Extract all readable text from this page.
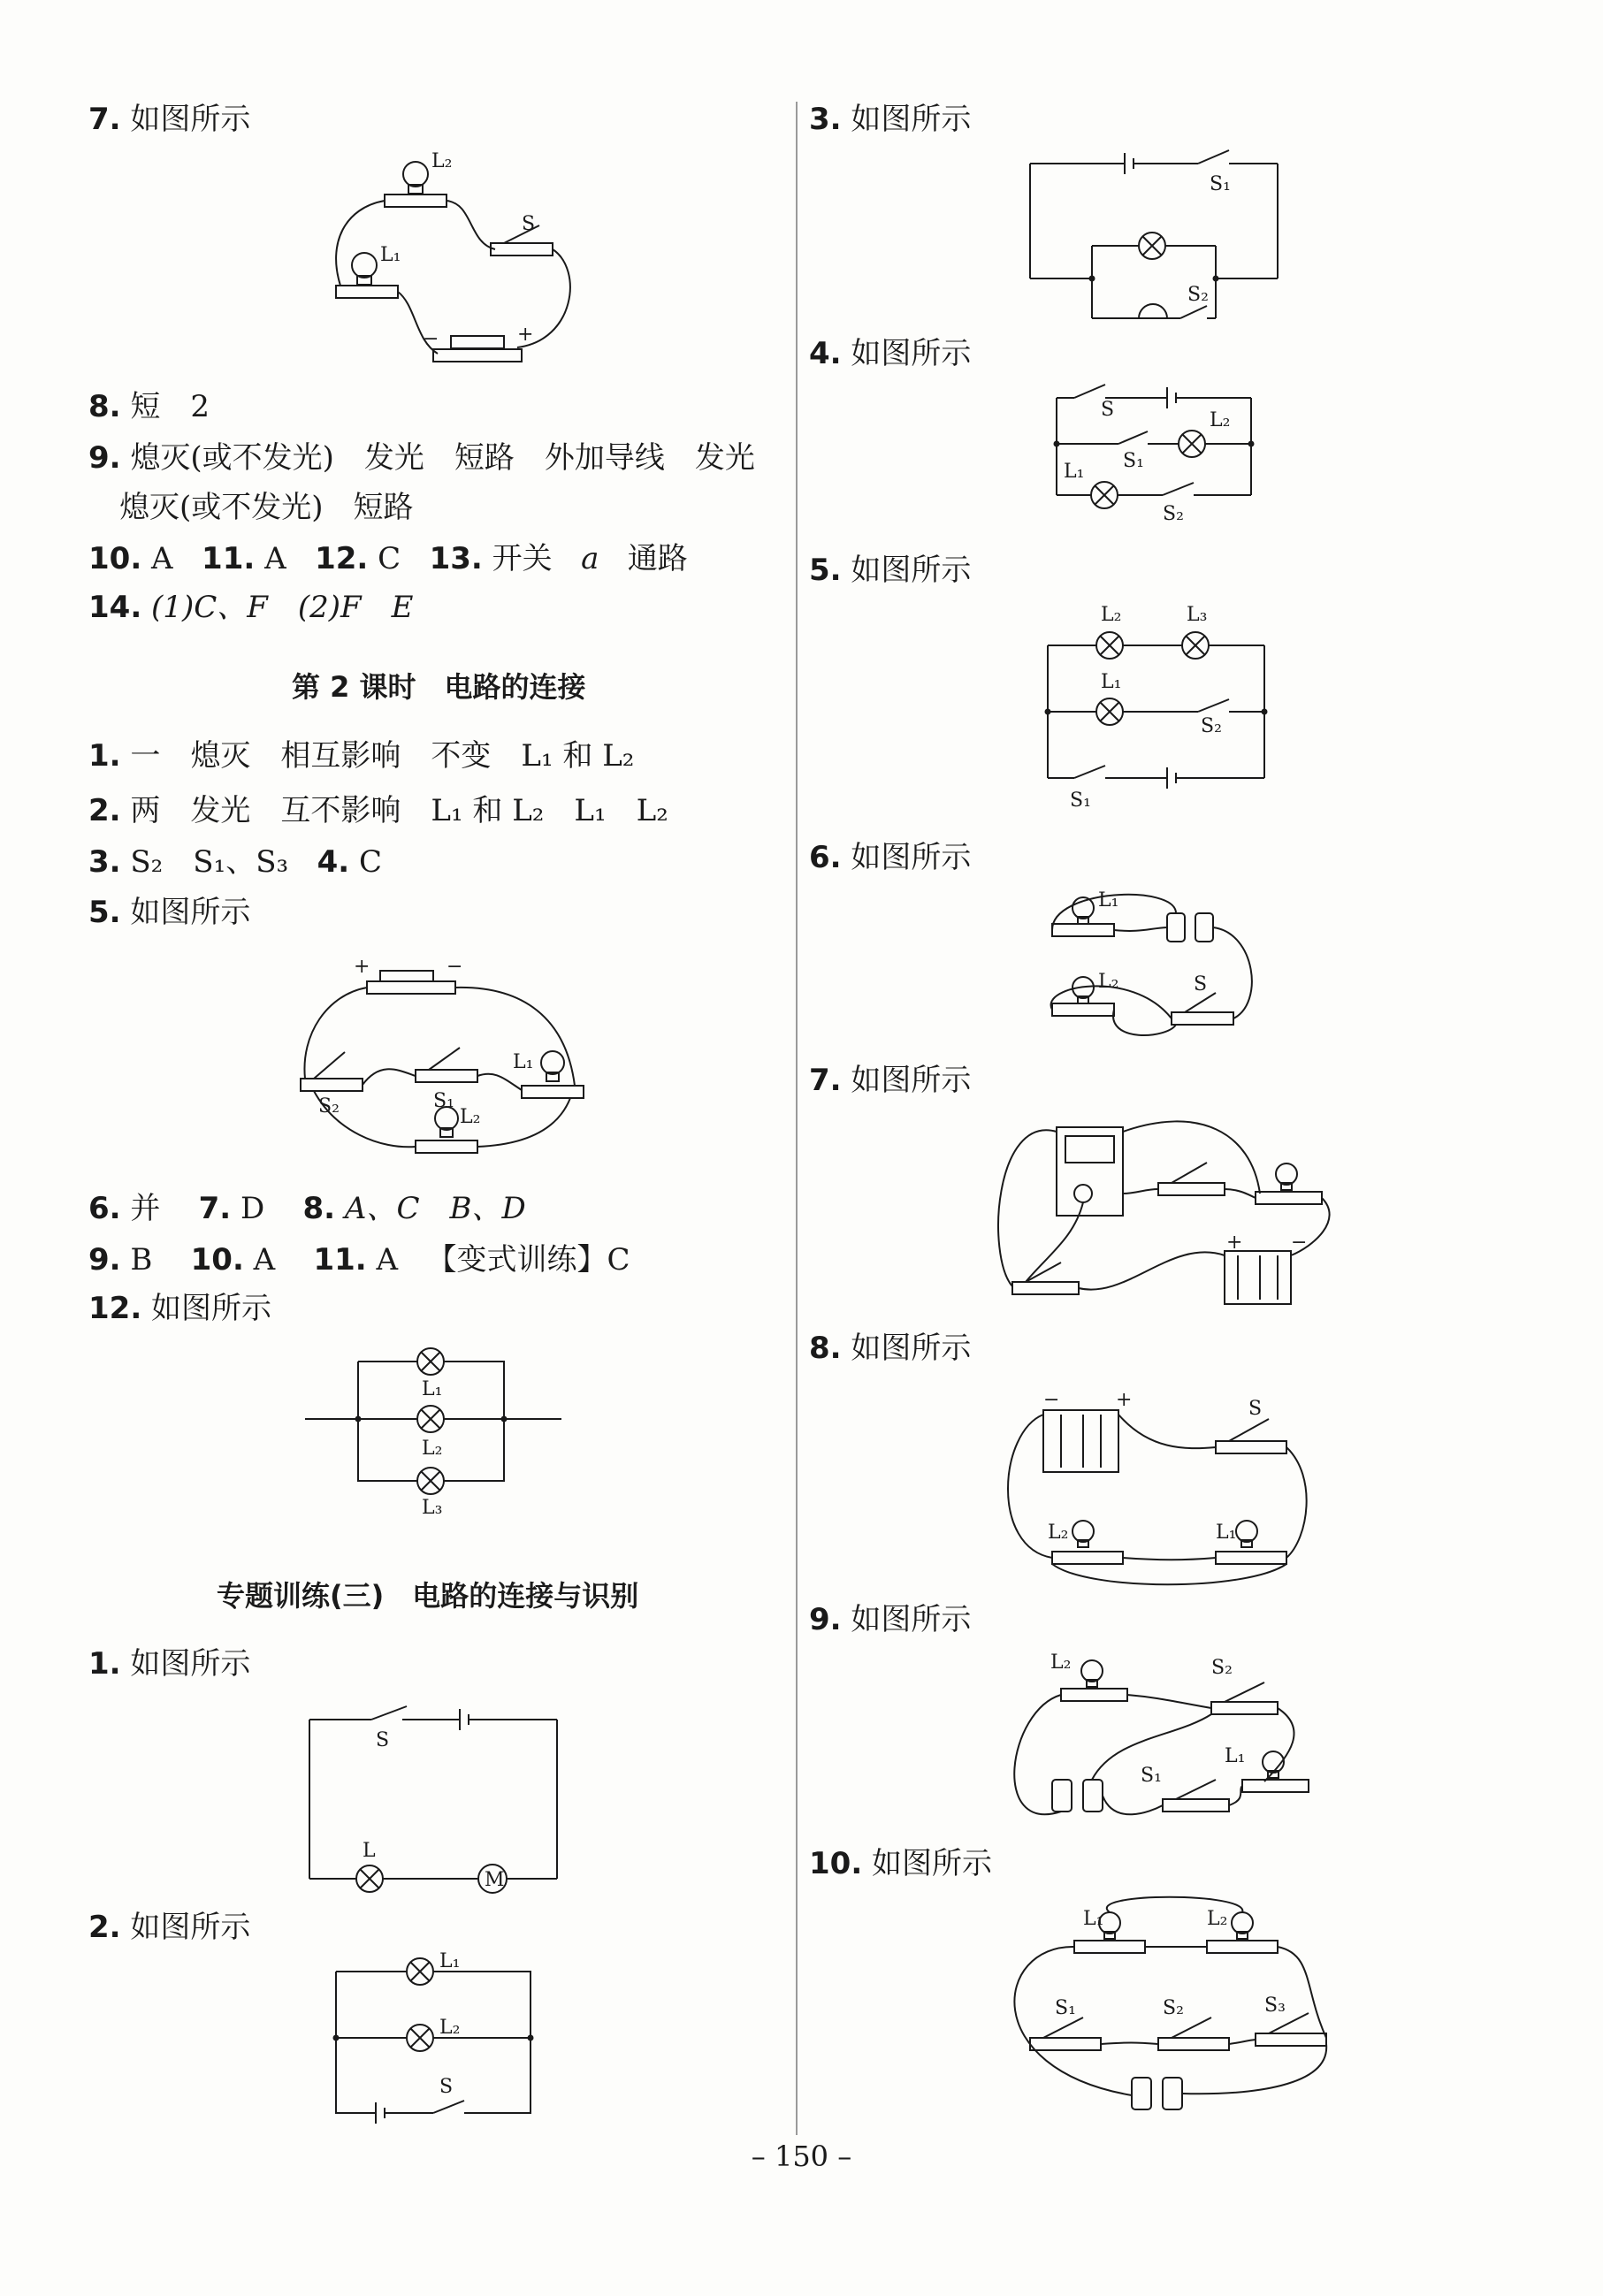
7. 如图所示
L₂
S
L₁
−	+
8. 短　2
9. 熄灭(或不发光)　发光　短路　外加导线　发光
熄灭(或不发光)　短路
10. A 11. A 12. C 13. 开关 a 通路
14. (1)C、F　(2)F　E
第 2 课时　电路的连接
1. 一　熄灭　相互影响　不变　L₁ 和 L₂
2. 两　发光　互不影响　L₁ 和 L₂　L₁　L₂
3. S₂　S₁、S₃ 4. C
5. 如图所示
+	−
S₁
S₂
L₁
L₂
6. 并 7. D 8. A、C　B、D
9. B 10. A 11. A 【变式训练】C
12. 如图所示
L₁
L₂
L₃
专题训练(三)　电路的连接与识别
1. 如图所示
S
L
M
2. 如图所示
L₁
L₂
S
3. 如图所示
S₁
S₂
4. 如图所示
S	L₂
S₁
L₁
S₂
5. 如图所示
L₂	L₃
L₁
S₂
S₁
6. 如图所示
L₁
L₂	S
7. 如图所示
+ −
8. 如图所示
−	+	S
L₂	L₁
9. 如图所示
L₂	S₂
L₁
S₁
10. 如图所示
L₁	L₂
S₁	S₂	S₃
– 150 –
